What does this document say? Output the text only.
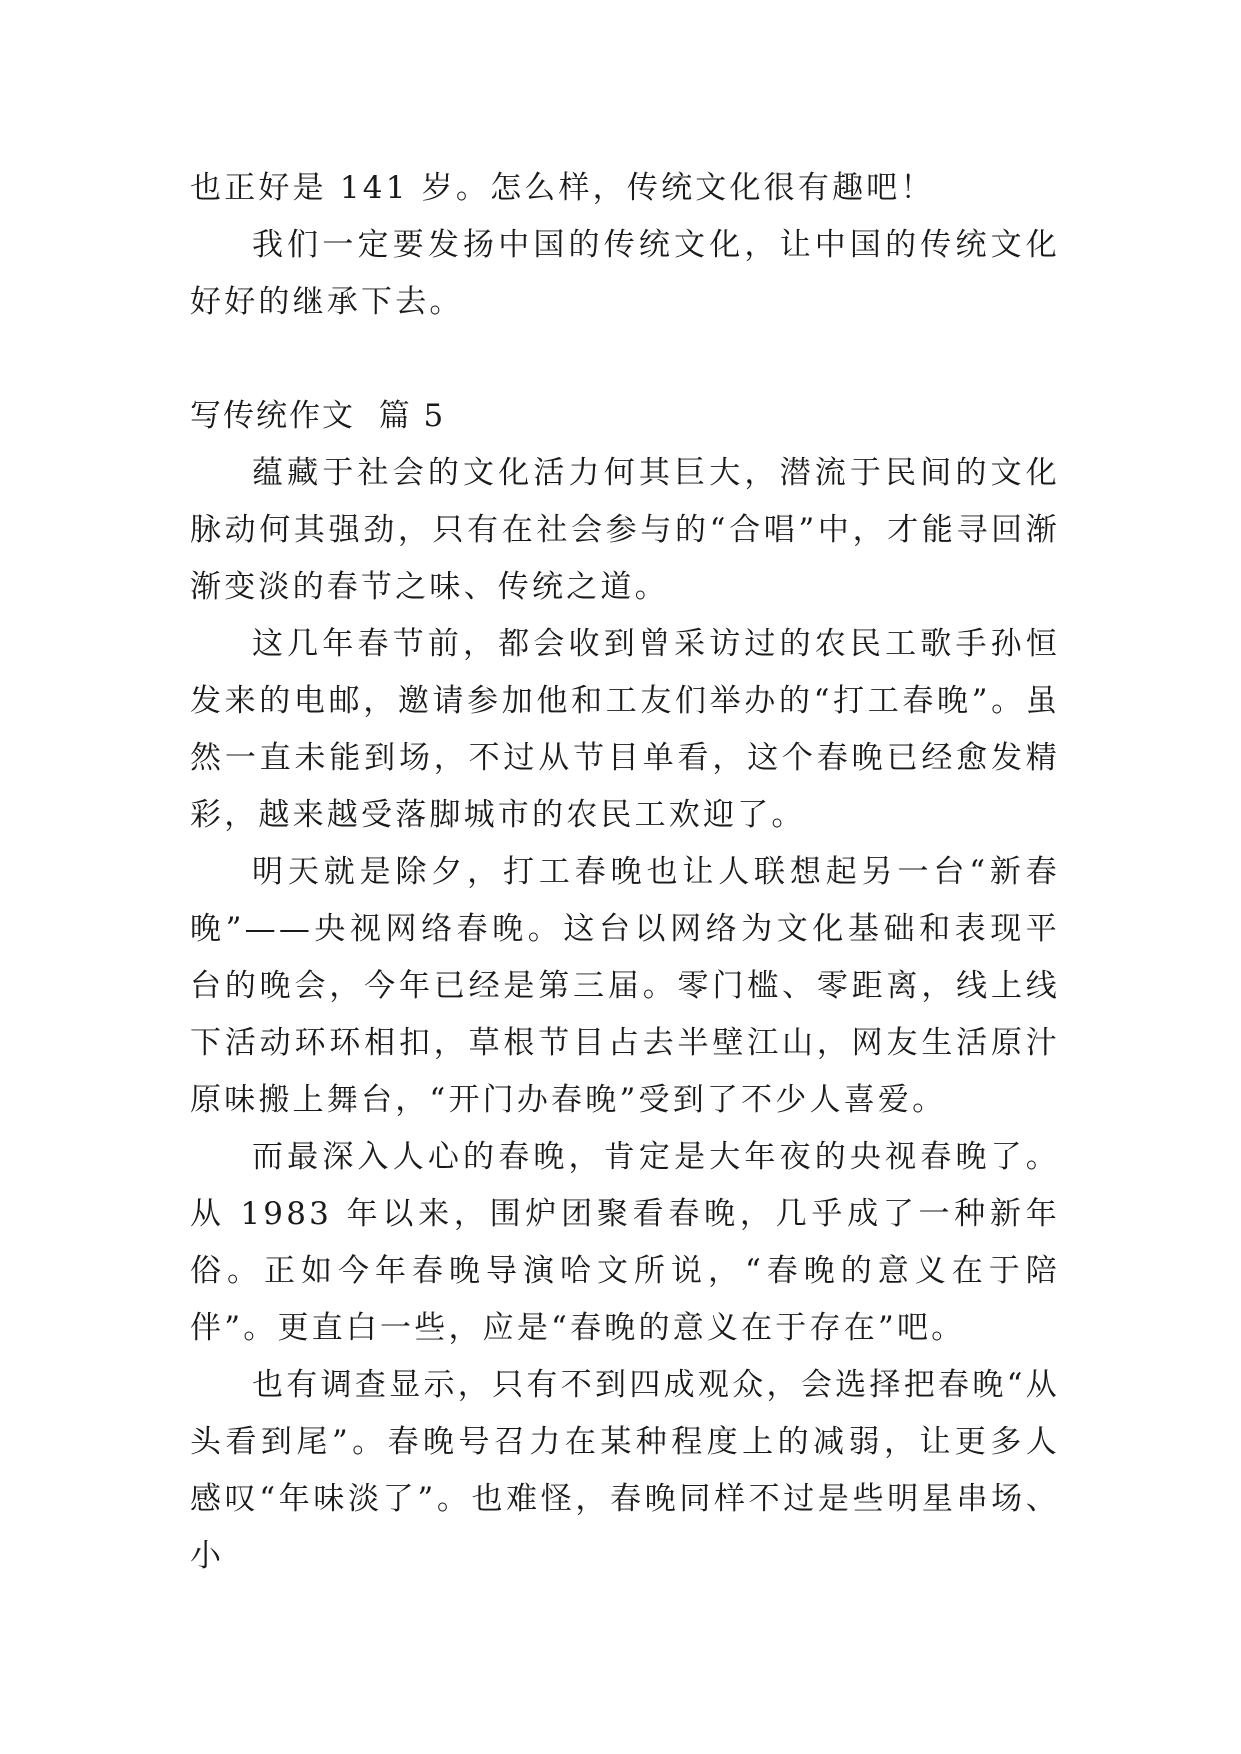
也正好是 141 岁。怎么样，传统文化很有趣吧！

我们一定要发扬中国的传统文化，让中国的传统文化好好的继承下去。

写传统作文  篇 5

蕴藏于社会的文化活力何其巨大，潜流于民间的文化脉动何其强劲，只有在社会参与的“合唱”中，才能寻回渐渐变淡的春节之味、传统之道。

这几年春节前，都会收到曾采访过的农民工歌手孙恒发来的电邮，邀请参加他和工友们举办的“打工春晚”。虽然一直未能到场，不过从节目单看，这个春晚已经愈发精彩，越来越受落脚城市的农民工欢迎了。

明天就是除夕，打工春晚也让人联想起另一台“新春晚”——央视网络春晚。这台以网络为文化基础和表现平台的晚会，今年已经是第三届。零门槛、零距离，线上线下活动环环相扣，草根节目占去半壁江山，网友生活原汁原味搬上舞台，“开门办春晚”受到了不少人喜爱。

而最深入人心的春晚，肯定是大年夜的央视春晚了。从 1983 年以来，围炉团聚看春晚，几乎成了一种新年俗。正如今年春晚导演哈文所说，“春晚的意义在于陪伴”。更直白一些，应是“春晚的意义在于存在”吧。

也有调查显示，只有不到四成观众，会选择把春晚“从头看到尾”。春晚号召力在某种程度上的减弱，让更多人感叹“年味淡了”。也难怪，春晚同样不过是些明星串场、小
